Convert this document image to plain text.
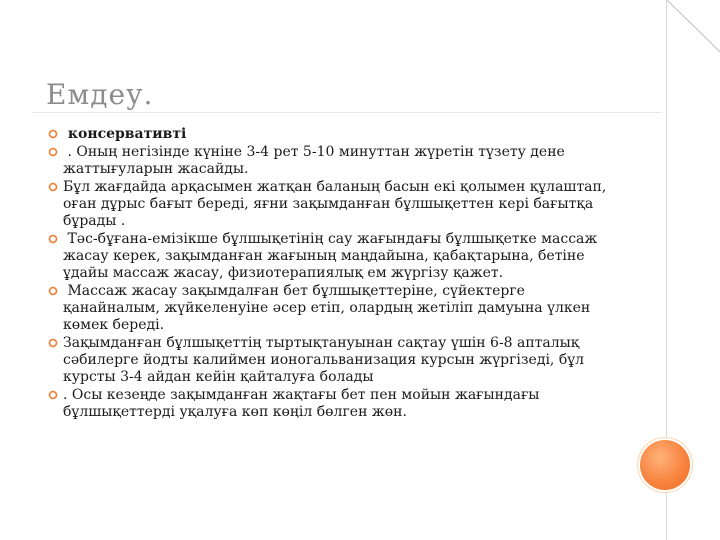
Емдеу.
консервативті
. Оның негізінде күніне 3-4 рет 5-10 минуттан жүретін түзету дене жаттығуларын жасайды.
Бұл жағдайда арқасымен жатқан баланың басын екі қолымен құлаштап, оған дұрыс бағыт береді, яғни зақымданған бұлшықеттен кері бағытқа бұрады .
Тәс-бұғана-емізікше бұлшықетінің сау жағындағы бұлшықетке массаж жасау керек, зақымданған жағының маңдайына, қабақтарына, бетіне ұдайы массаж жасау, физиотерапиялық ем жүргізу қажет.
Массаж жасау зақымдалған бет бұлшықеттеріне, сүйектерге қанайналым, жүйкеленуіне әсер етіп, олардың жетіліп дамуына үлкен көмек береді.
Зақымданған бұлшықеттің тыртықтануынан сақтау үшін 6-8 апталық сәбилерге йодты калиймен ионогальванизация курсын жүргізеді, бұл курсты 3-4 айдан кейін қайталуға болады
. Осы кезеңде зақымданған жақтағы бет пен мойын жағындағы бұлшықеттерді уқалуға көп көңіл бөлген жөн.
